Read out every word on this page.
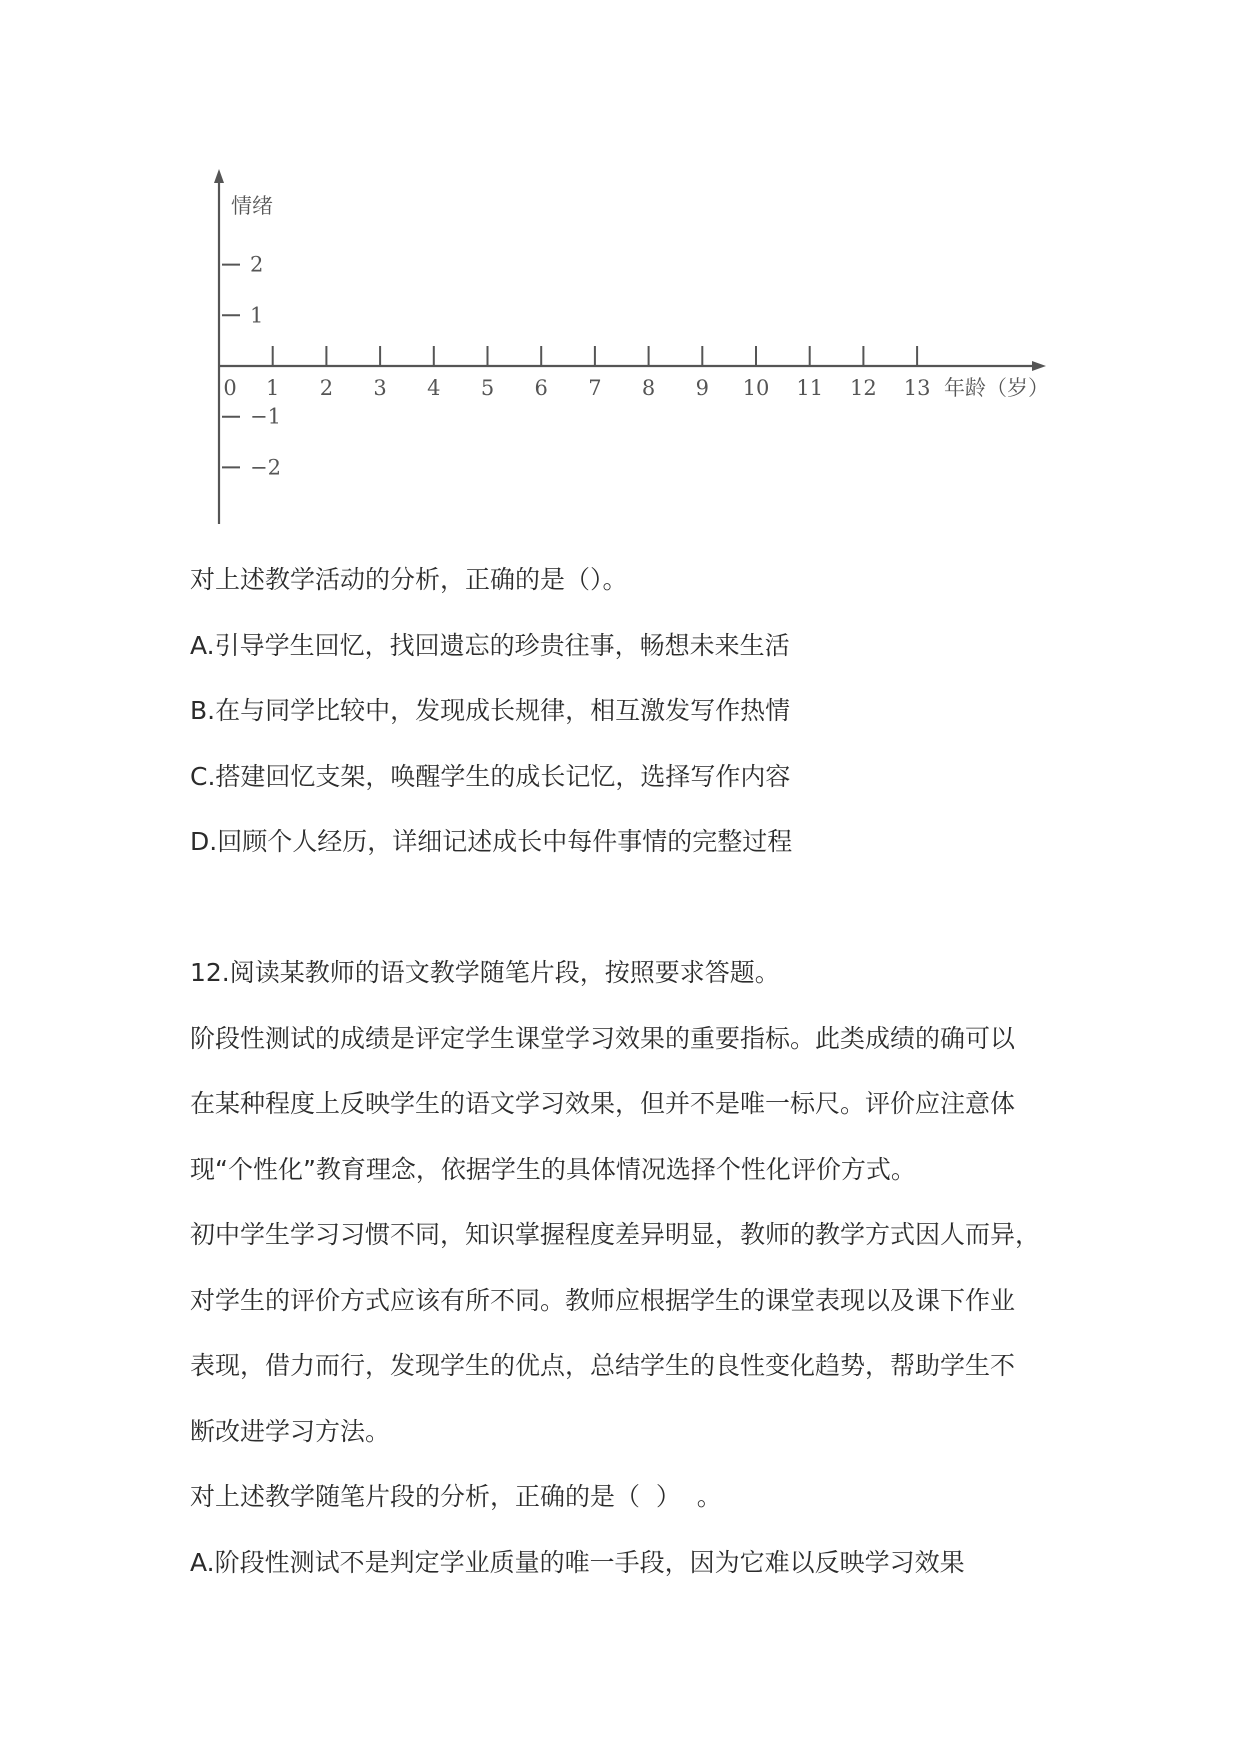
0 1 2 3 4 5 6 7 8 9 10 11 12 13
2
1
−1
−2
情绪
年龄（岁）

对上述教学活动的分析，正确的是（）。

A.引导学生回忆，找回遗忘的珍贵往事，畅想未来生活

B.在与同学比较中，发现成长规律，相互激发写作热情

C.搭建回忆支架，唤醒学生的成长记忆，选择写作内容

D.回顾个人经历，详细记述成长中每件事情的完整过程

12.阅读某教师的语文教学随笔片段，按照要求答题。

阶段性测试的成绩是评定学生课堂学习效果的重要指标。此类成绩的确可以

在某种程度上反映学生的语文学习效果，但并不是唯一标尺。评价应注意体

现“个性化”教育理念，依据学生的具体情况选择个性化评价方式。

初中学生学习习惯不同，知识掌握程度差异明显，教师的教学方式因人而异，

对学生的评价方式应该有所不同。教师应根据学生的课堂表现以及课下作业

表现，借力而行，发现学生的优点，总结学生的良性变化趋势，帮助学生不

断改进学习方法。

对上述教学随笔片段的分析，正确的是（  ）  。

A.阶段性测试不是判定学业质量的唯一手段，因为它难以反映学习效果
